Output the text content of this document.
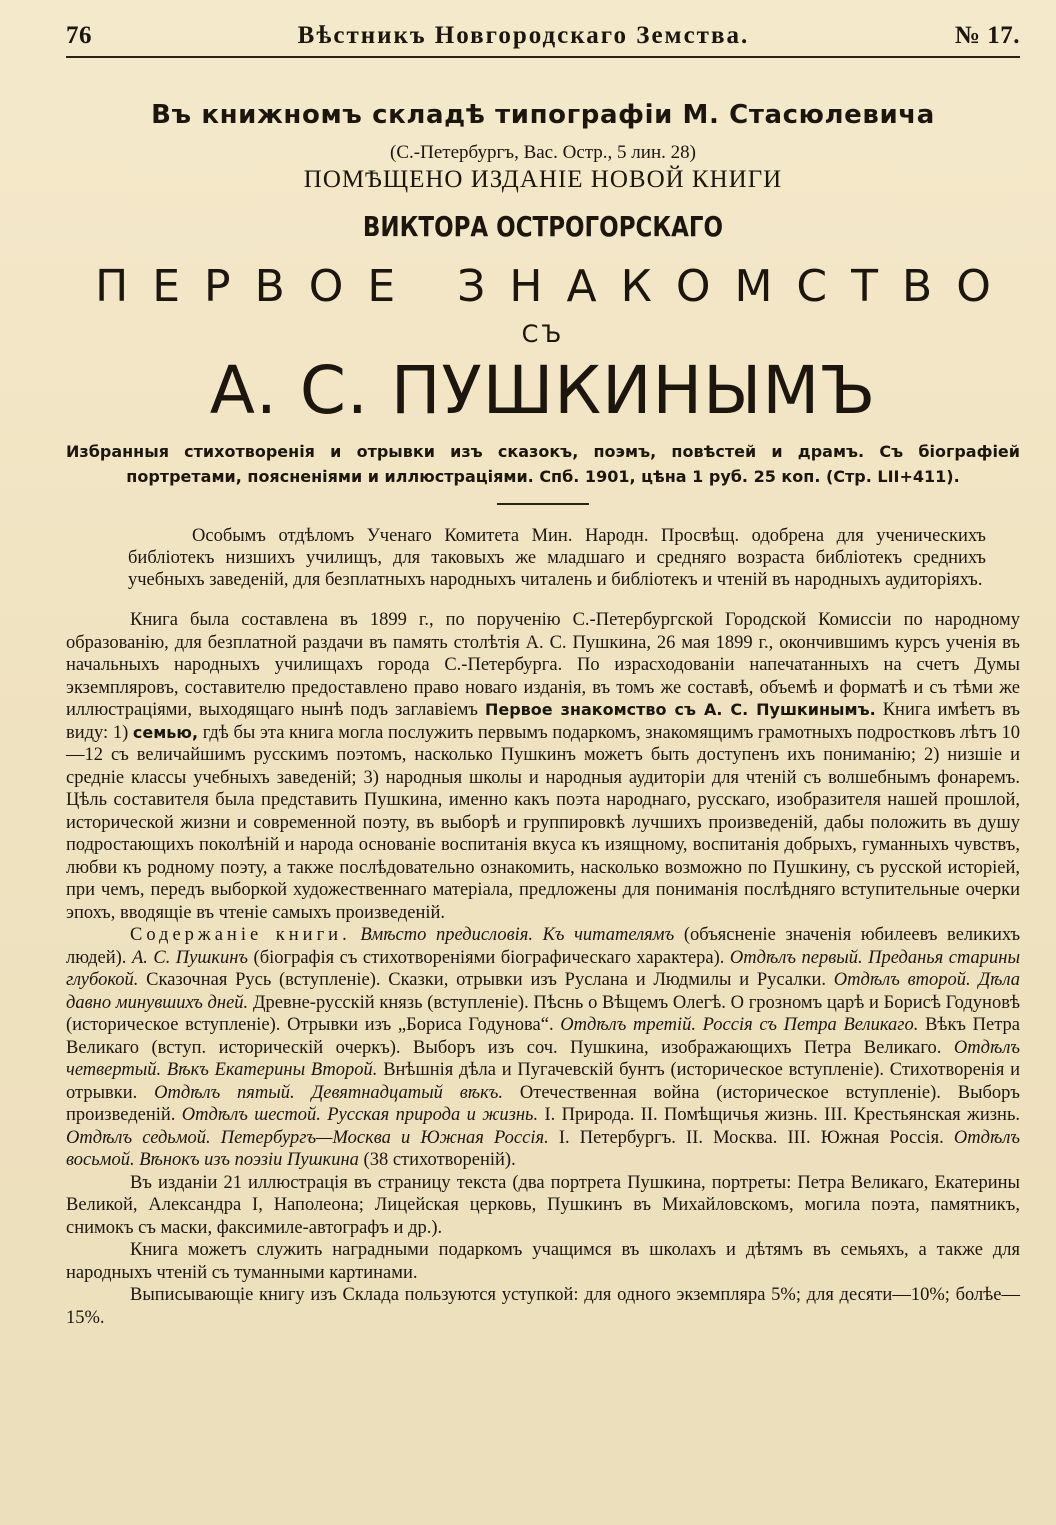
76	Вѣстникъ Новгородскаго Земства.	№ 17.
Въ книжномъ складѣ типографіи М. Стасюлевича
(С.-Петербургъ, Вас. Остр., 5 лин. 28)
ПОМѢЩЕНО ИЗДАНІЕ НОВОЙ КНИГИ
ВИКТОРА ОСТРОГОРСКАГО
ПЕРВОЕ ЗНАКОМСТВО
СЪ
А. С. ПУШКИНЫМЪ
Избранныя стихотворенія и отрывки изъ сказокъ, поэмъ, повѣстей и драмъ. Съ біографіей портретами, поясненіями и иллюстраціями. Спб. 1901, цѣна 1 руб. 25 коп. (Стр. LII+411).
Особымъ отдѣломъ Ученаго Комитета Мин. Народн. Просвѣщ. одобрена для ученическихъ библіотекъ низшихъ училищъ, для таковыхъ же младшаго и средняго возраста библіотекъ среднихъ учебныхъ заведеній, для безплатныхъ народныхъ читалень и библіотекъ и чтеній въ народныхъ аудиторіяхъ.

Книга была составлена въ 1899 г., по порученію С.-Петербургской Городской Комиссіи по народному образованію, для безплатной раздачи въ память столѣтія А. С. Пушкина, 26 мая 1899 г., окончившимъ курсъ ученія въ начальныхъ народныхъ училищахъ города С.-Петербурга. По израсходованіи напечатанныхъ на счетъ Думы экземпляровъ, составителю предоставлено право новаго изданія, въ томъ же составѣ, объемѣ и форматѣ и съ тѣми же иллюстраціями, выходящаго нынѣ подъ заглавіемъ Первое знакомство съ А. С. Пушкинымъ. Книга имѣетъ въ виду: 1) семью, гдѣ бы эта книга могла послужить первымъ подаркомъ, знакомящимъ грамотныхъ подростковъ лѣтъ 10—12 съ величайшимъ русскимъ поэтомъ, насколько Пушкинъ можетъ быть доступенъ ихъ пониманію; 2) низшіе и средніе классы учебныхъ заведеній; 3) народныя школы и народныя аудиторіи для чтеній съ волшебнымъ фонаремъ. Цѣль составителя была представить Пушкина, именно какъ поэта народнаго, русскаго, изобразителя нашей прошлой, исторической жизни и современной поэту, въ выборѣ и группировкѣ лучшихъ произведеній, дабы положить въ душу подростающихъ поколѣній и народа основаніе воспитанія вкуса къ изящному, воспитанія добрыхъ, гуманныхъ чувствъ, любви къ родному поэту, а также послѣдовательно ознакомить, насколько возможно по Пушкину, съ русской исторіей, при чемъ, передъ выборкой художественнаго матеріала, предложены для пониманія послѣдняго вступительные очерки эпохъ, вводящіе въ чтеніе самыхъ произведеній.

Содержаніе книги. Вмѣсто предисловія. Къ читателямъ (объясненіе значенія юбилеевъ великихъ людей). А. С. Пушкинъ (біографія съ стихотвореніями біографическаго характера). Отдѣлъ первый. Преданья старины глубокой. Сказочная Русь (вступленіе). Сказки, отрывки изъ Руслана и Людмилы и Русалки. Отдѣлъ второй. Дѣла давно минувшихъ дней. Древне-русскій князь (вступленіе). Пѣснь о Вѣщемъ Олегѣ. О грозномъ царѣ и Борисѣ Годуновѣ (историческое вступленіе). Отрывки изъ „Бориса Годунова“. Отдѣлъ третій. Россія съ Петра Великаго. Вѣкъ Петра Великаго (вступ. историческій очеркъ). Выборъ изъ соч. Пушкина, изображающихъ Петра Великаго. Отдѣлъ четвертый. Вѣкъ Екатерины Второй. Внѣшнія дѣла и Пугачевскій бунтъ (историческое вступленіе). Стихотворенія и отрывки. Отдѣлъ пятый. Девятнадцатый вѣкъ. Отечественная война (историческое вступленіе). Выборъ произведеній. Отдѣлъ шестой. Русская природа и жизнь. I. Природа. II. Помѣщичья жизнь. III. Крестьянская жизнь. Отдѣлъ седьмой. Петербургъ—Москва и Южная Россія. I. Петербургъ. II. Москва. III. Южная Россія. Отдѣлъ восьмой. Вѣнокъ изъ поэзіи Пушкина (38 стихотвореній).

Въ изданіи 21 иллюстрація въ страницу текста (два портрета Пушкина, портреты: Петра Великаго, Екатерины Великой, Александра I, Наполеона; Лицейская церковь, Пушкинъ въ Михайловскомъ, могила поэта, памятникъ, снимокъ съ маски, факсимиле-автографъ и др.).

Книга можетъ служить наградными подаркомъ учащимся въ школахъ и дѣтямъ въ семьяхъ, а также для народныхъ чтеній съ туманными картинами.

Выписывающіе книгу изъ Склада пользуются уступкой: для одного экземпляра 5%; для десяти—10%; болѣе—15%.
